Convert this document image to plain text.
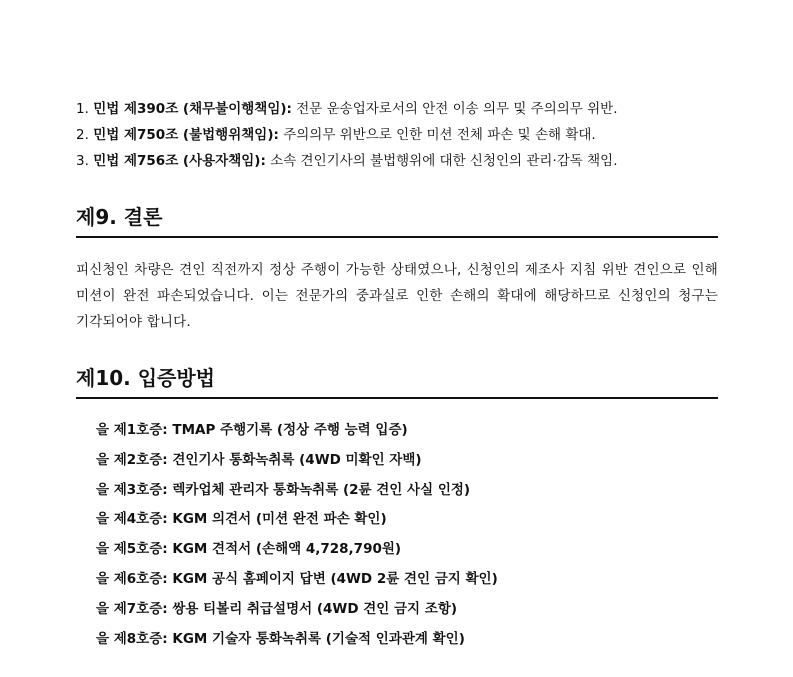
1. 민법 제390조 (채무불이행책임): 전문 운송업자로서의 안전 이송 의무 및 주의의무 위반.
2. 민법 제750조 (불법행위책임): 주의의무 위반으로 인한 미션 전체 파손 및 손해 확대.
3. 민법 제756조 (사용자책임): 소속 견인기사의 불법행위에 대한 신청인의 관리·감독 책임.
제9. 결론

피신청인 차량은 견인 직전까지 정상 주행이 가능한 상태였으나, 신청인의 제조사 지침 위반 견인으로 인해 미션이 완전 파손되었습니다. 이는 전문가의 중과실로 인한 손해의 확대에 해당하므로 신청인의 청구는 기각되어야 합니다.

제10. 입증방법
을 제1호증: TMAP 주행기록 (정상 주행 능력 입증)
을 제2호증: 견인기사 통화녹취록 (4WD 미확인 자백)
을 제3호증: 렉카업체 관리자 통화녹취록 (2륜 견인 사실 인정)
을 제4호증: KGM 의견서 (미션 완전 파손 확인)
을 제5호증: KGM 견적서 (손해액 4,728,790원)
을 제6호증: KGM 공식 홈페이지 답변 (4WD 2륜 견인 금지 확인)
을 제7호증: 쌍용 티볼리 취급설명서 (4WD 견인 금지 조항)
을 제8호증: KGM 기술자 통화녹취록 (기술적 인과관계 확인)
